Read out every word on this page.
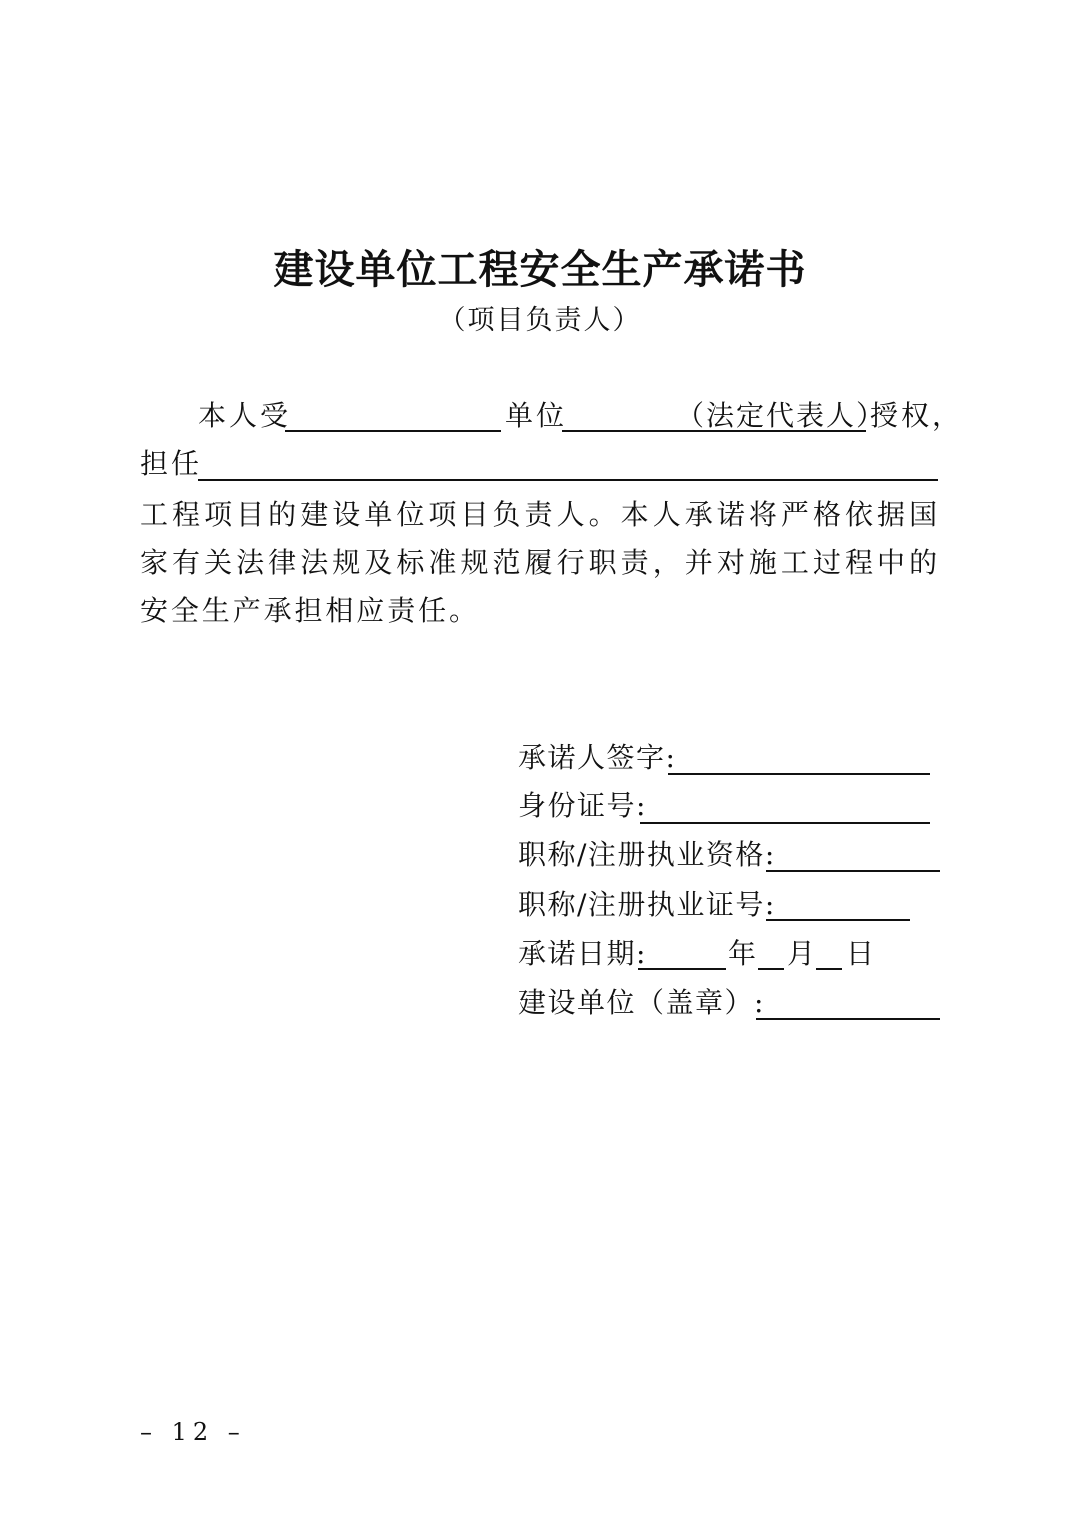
建设单位工程安全生产承诺书
（项目负责人）
本人受	单位	（法定代表人）
授权，
担任
工程项目的建设单位项目负责人。本人承诺将严格依据国家有关法律法规及标准规范履行职责，并对施工过程中的安全生产承担相应责任。
承诺人签字:
身份证号:
职称/注册执业资格:
职称/注册执业证号:
承诺日期:	年 月 日
建设单位（盖章）:
– 12 –
